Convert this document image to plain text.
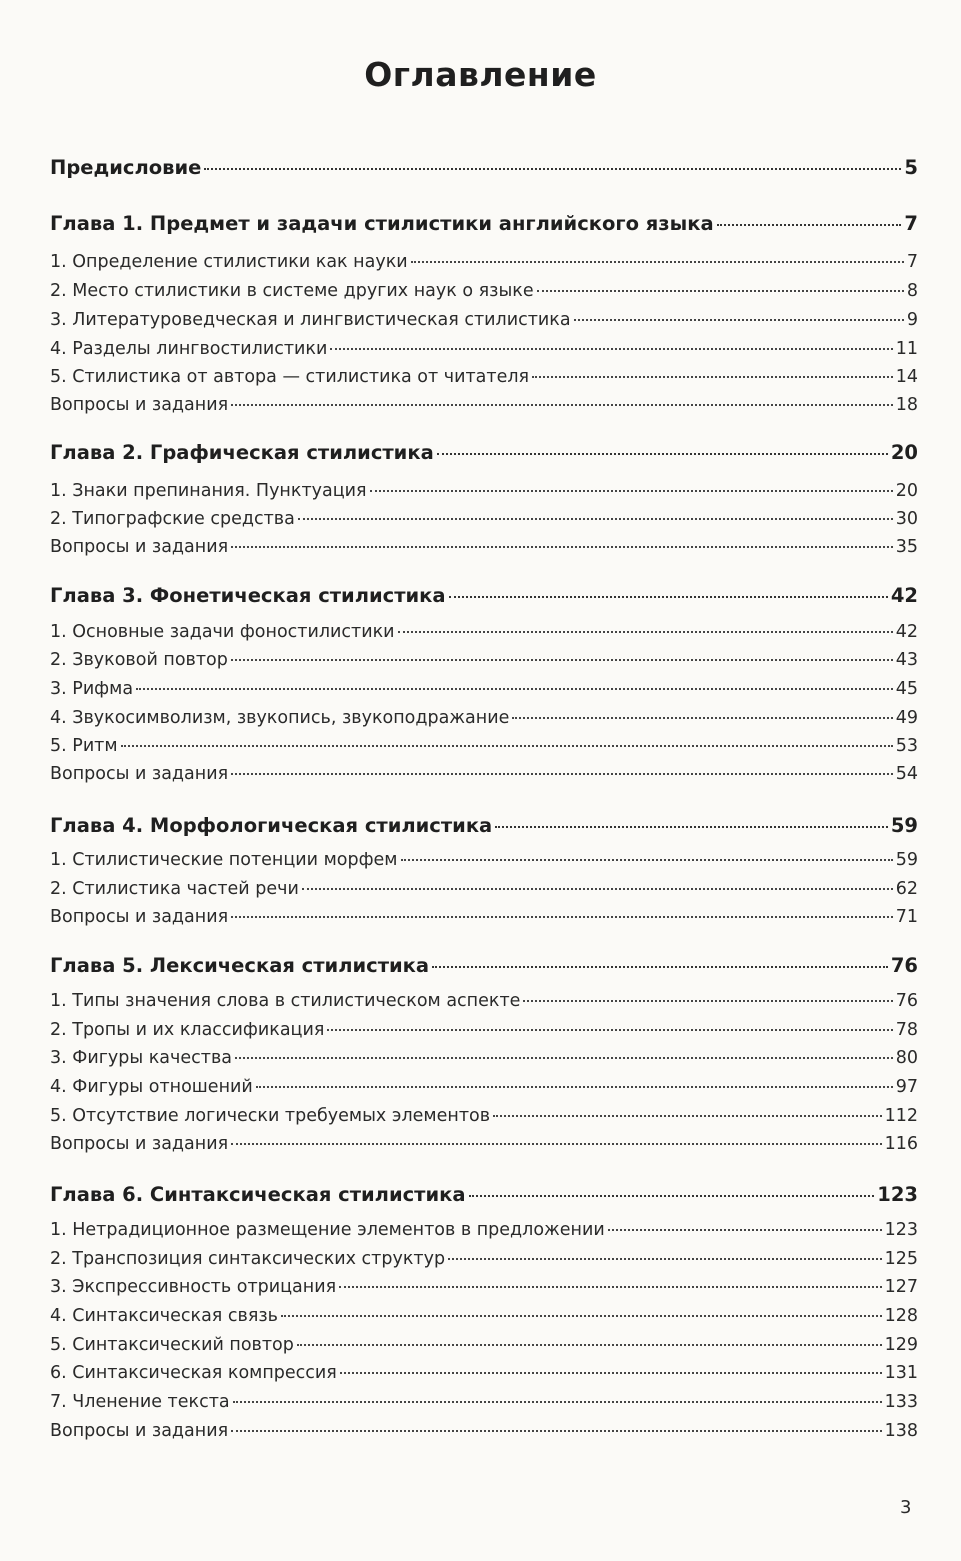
Оглавление
Предисловие	5
Глава 1. Предмет и задачи стилистики английского языка	7
1. Определение стилистики как науки	7
2. Место стилистики в системе других наук о языке	8
3. Литературоведческая и лингвистическая стилистика	9
4. Разделы лингвостилистики	11
5. Стилистика от автора — стилистика от читателя	14
Вопросы и задания	18
Глава 2. Графическая стилистика	20
1. Знаки препинания. Пунктуация	20
2. Типографские средства	30
Вопросы и задания	35
Глава 3. Фонетическая стилистика	42
1. Основные задачи фоностилистики	42
2. Звуковой повтор	43
3. Рифма	45
4. Звукосимволизм, звукопись, звукоподражание	49
5. Ритм	53
Вопросы и задания	54
Глава 4. Морфологическая стилистика	59
1. Стилистические потенции морфем	59
2. Стилистика частей речи	62
Вопросы и задания	71
Глава 5. Лексическая стилистика	76
1. Типы значения слова в стилистическом аспекте	76
2. Тропы и их классификация	78
3. Фигуры качества	80
4. Фигуры отношений	97
5. Отсутствие логически требуемых элементов	112
Вопросы и задания	116
Глава 6. Синтаксическая стилистика	123
1. Нетрадиционное размещение элементов в предложении	123
2. Транспозиция синтаксических структур	125
3. Экспрессивность отрицания	127
4. Синтаксическая связь	128
5. Синтаксический повтор	129
6. Синтаксическая компрессия	131
7. Членение текста	133
Вопросы и задания	138
3
